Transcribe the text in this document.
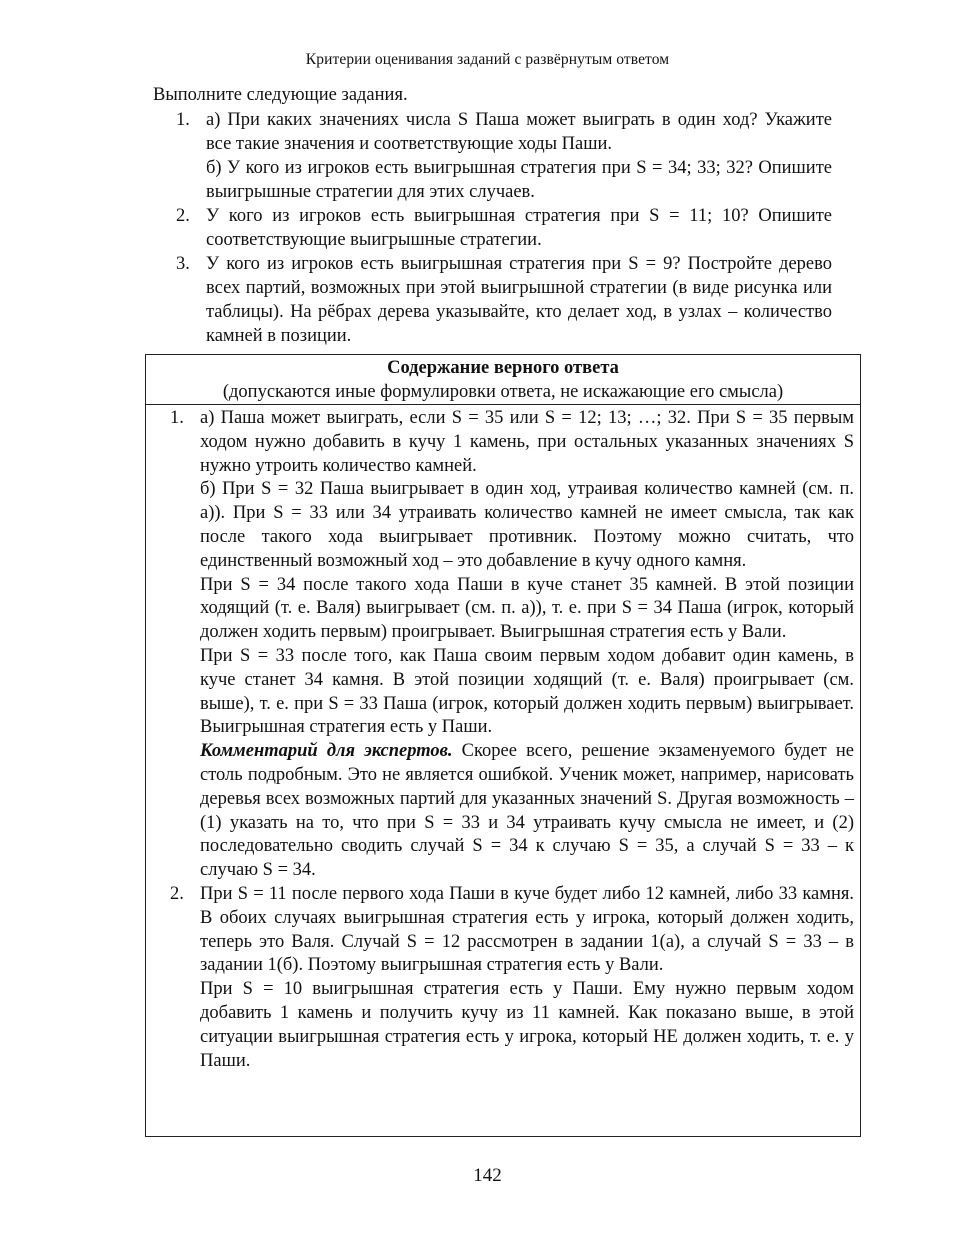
Критерии оценивания заданий с развёрнутым ответом
Выполните следующие задания.
1. а) При каких значениях числа S Паша может выиграть в один ход? Укажите все такие значения и соответствующие ходы Паши.

б) У кого из игроков есть выигрышная стратегия при S = 34; 33; 32? Опишите выигрышные стратегии для этих случаев.

2. У кого из игроков есть выигрышная стратегия при S = 11; 10? Опишите соответствующие выигрышные стратегии.

3. У кого из игроков есть выигрышная стратегия при S = 9? Постройте дерево всех партий, возможных при этой выигрышной стратегии (в виде рисунка или таблицы). На рёбрах дерева указывайте, кто делает ход, в узлах – количество камней в позиции.

Содержание верного ответа
(допускаются иные формулировки ответа, не искажающие его смысла)
1. а) Паша может выиграть, если S = 35 или S = 12; 13; …; 32. При S = 35 первым ходом нужно добавить в кучу 1 камень, при остальных указанных значениях S нужно утроить количество камней.

б) При S = 32 Паша выигрывает в один ход, утраивая количество камней (см. п. а)). При S = 33 или 34 утраивать количество камней не имеет смысла, так как после такого хода выигрывает противник. Поэтому можно считать, что единственный возможный ход – это добавление в кучу одного камня.

При S = 34 после такого хода Паши в куче станет 35 камней. В этой позиции ходящий (т. е. Валя) выигрывает (см. п. а)), т. е. при S = 34 Паша (игрок, который должен ходить первым) проигрывает. Выигрышная стратегия есть у Вали.

При S = 33 после того, как Паша своим первым ходом добавит один камень, в куче станет 34 камня. В этой позиции ходящий (т. е. Валя) проигрывает (см. выше), т. е. при S = 33 Паша (игрок, который должен ходить первым) выигрывает. Выигрышная стратегия есть у Паши.

Комментарий для экспертов. Скорее всего, решение экзаменуемого будет не столь подробным. Это не является ошибкой. Ученик может, например, нарисовать деревья всех возможных партий для указанных значений S. Другая возможность – (1) указать на то, что при S = 33 и 34 утраивать кучу смысла не имеет, и (2) последовательно сводить случай S = 34 к случаю S = 35, а случай S = 33 – к случаю S = 34.

2. При S = 11 после первого хода Паши в куче будет либо 12 камней, либо 33 камня. В обоих случаях выигрышная стратегия есть у игрока, который должен ходить, теперь это Валя. Случай S = 12 рассмотрен в задании 1(а), а случай S = 33 – в задании 1(б). Поэтому выигрышная стратегия есть у Вали.

При S = 10 выигрышная стратегия есть у Паши. Ему нужно первым ходом добавить 1 камень и получить кучу из 11 камней. Как показано выше, в этой ситуации выигрышная стратегия есть у игрока, который НЕ должен ходить, т. е. у Паши.

142
